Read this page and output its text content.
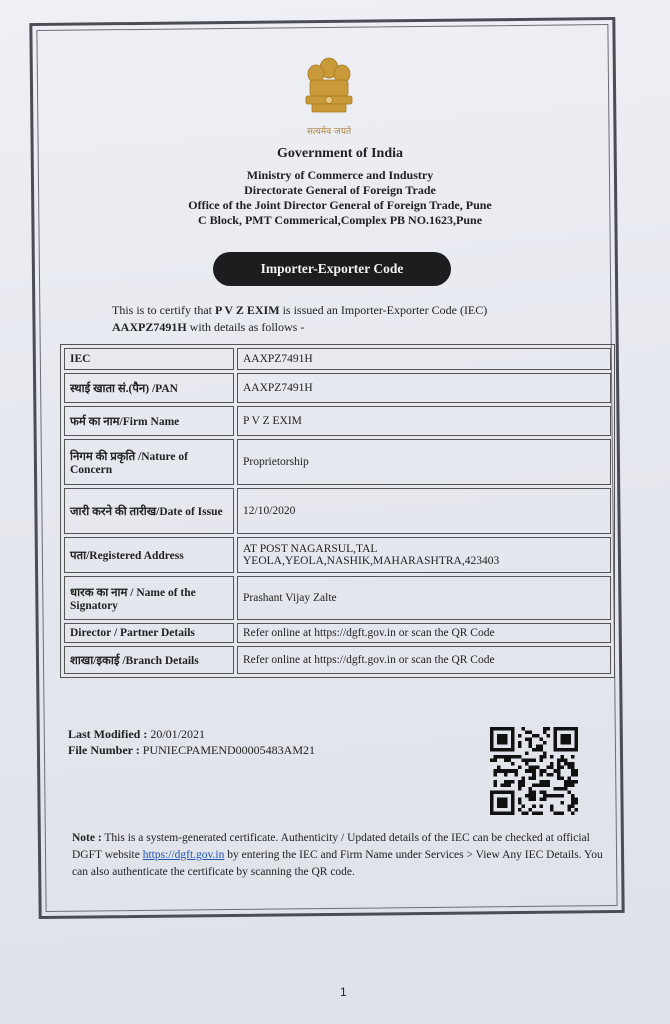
सत्यमेव जयते
Government of India
Ministry of Commerce and Industry
Directorate General of Foreign Trade
Office of the Joint Director General of Foreign Trade, Pune
C Block, PMT Commerical,Complex PB NO.1623,Pune
Importer-Exporter Code
This is to certify that P V Z EXIM is issued an Importer-Exporter Code (IEC) AAXPZ7491H with details as follows -
IEC	AAXPZ7491H
स्थाई खाता सं.(पैन) /PAN	AAXPZ7491H
फर्म का नाम/Firm Name	P V Z EXIM
निगम की प्रकृति /Nature of Concern	Proprietorship
जारी करने की तारीख/Date of Issue	12/10/2020
पता/Registered Address	AT POST NAGARSUL,TAL YEOLA,YEOLA,NASHIK,MAHARASHTRA,423403
धारक का नाम / Name of the Signatory	Prashant Vijay Zalte
Director / Partner Details	Refer online at https://dgft.gov.in or scan the QR Code
शाखा/इकाई /Branch Details	Refer online at https://dgft.gov.in or scan the QR Code
Last Modified : 20/01/2021
File Number : PUNIECPAMEND00005483AM21
Note : This is a system-generated certificate. Authenticity / Updated details of the IEC can be checked at official DGFT website https://dgft.gov.in by entering the IEC and Firm Name under Services > View Any IEC Details. You can also authenticate the certificate by scanning the QR code.
1
